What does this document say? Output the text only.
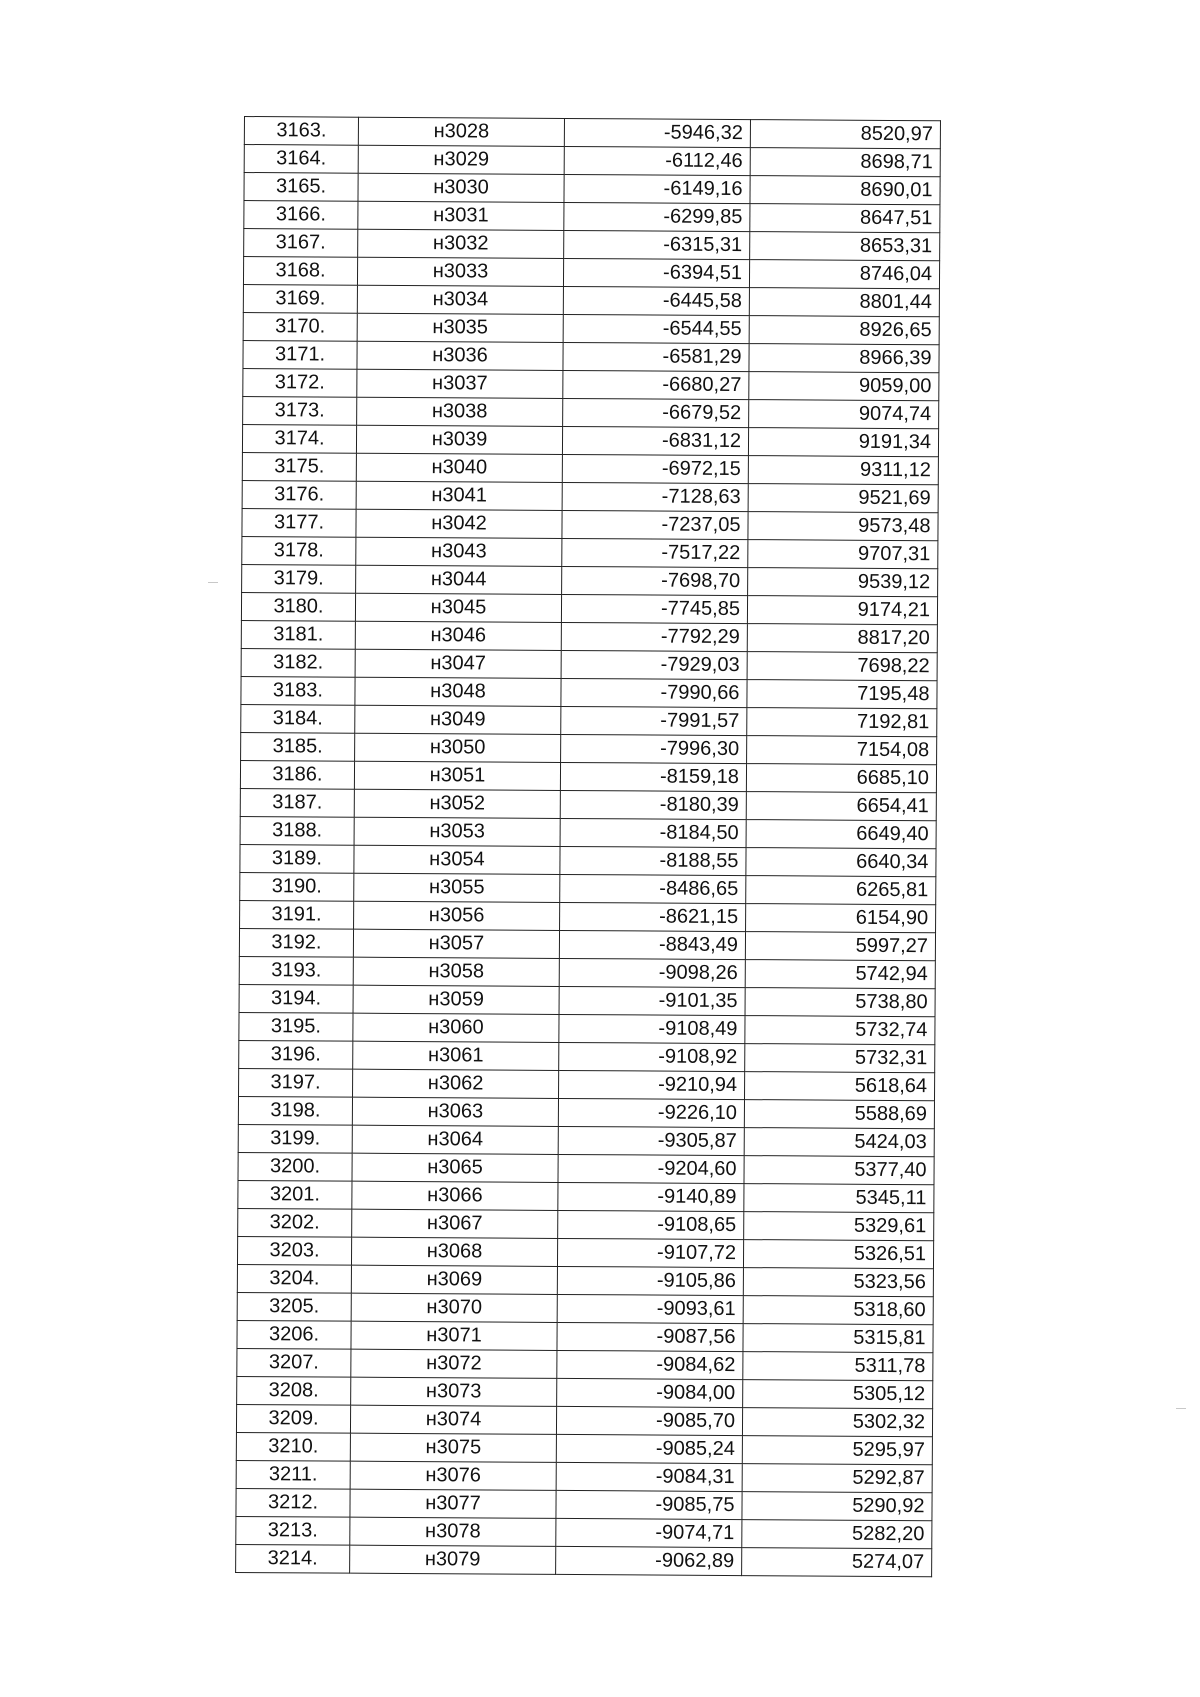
3163.	н3028	-5946,32	8520,97
3164.	н3029	-6112,46	8698,71
3165.	н3030	-6149,16	8690,01
3166.	н3031	-6299,85	8647,51
3167.	н3032	-6315,31	8653,31
3168.	н3033	-6394,51	8746,04
3169.	н3034	-6445,58	8801,44
3170.	н3035	-6544,55	8926,65
3171.	н3036	-6581,29	8966,39
3172.	н3037	-6680,27	9059,00
3173.	н3038	-6679,52	9074,74
3174.	н3039	-6831,12	9191,34
3175.	н3040	-6972,15	9311,12
3176.	н3041	-7128,63	9521,69
3177.	н3042	-7237,05	9573,48
3178.	н3043	-7517,22	9707,31
3179.	н3044	-7698,70	9539,12
3180.	н3045	-7745,85	9174,21
3181.	н3046	-7792,29	8817,20
3182.	н3047	-7929,03	7698,22
3183.	н3048	-7990,66	7195,48
3184.	н3049	-7991,57	7192,81
3185.	н3050	-7996,30	7154,08
3186.	н3051	-8159,18	6685,10
3187.	н3052	-8180,39	6654,41
3188.	н3053	-8184,50	6649,40
3189.	н3054	-8188,55	6640,34
3190.	н3055	-8486,65	6265,81
3191.	н3056	-8621,15	6154,90
3192.	н3057	-8843,49	5997,27
3193.	н3058	-9098,26	5742,94
3194.	н3059	-9101,35	5738,80
3195.	н3060	-9108,49	5732,74
3196.	н3061	-9108,92	5732,31
3197.	н3062	-9210,94	5618,64
3198.	н3063	-9226,10	5588,69
3199.	н3064	-9305,87	5424,03
3200.	н3065	-9204,60	5377,40
3201.	н3066	-9140,89	5345,11
3202.	н3067	-9108,65	5329,61
3203.	н3068	-9107,72	5326,51
3204.	н3069	-9105,86	5323,56
3205.	н3070	-9093,61	5318,60
3206.	н3071	-9087,56	5315,81
3207.	н3072	-9084,62	5311,78
3208.	н3073	-9084,00	5305,12
3209.	н3074	-9085,70	5302,32
3210.	н3075	-9085,24	5295,97
3211.	н3076	-9084,31	5292,87
3212.	н3077	-9085,75	5290,92
3213.	н3078	-9074,71	5282,20
3214.	н3079	-9062,89	5274,07
